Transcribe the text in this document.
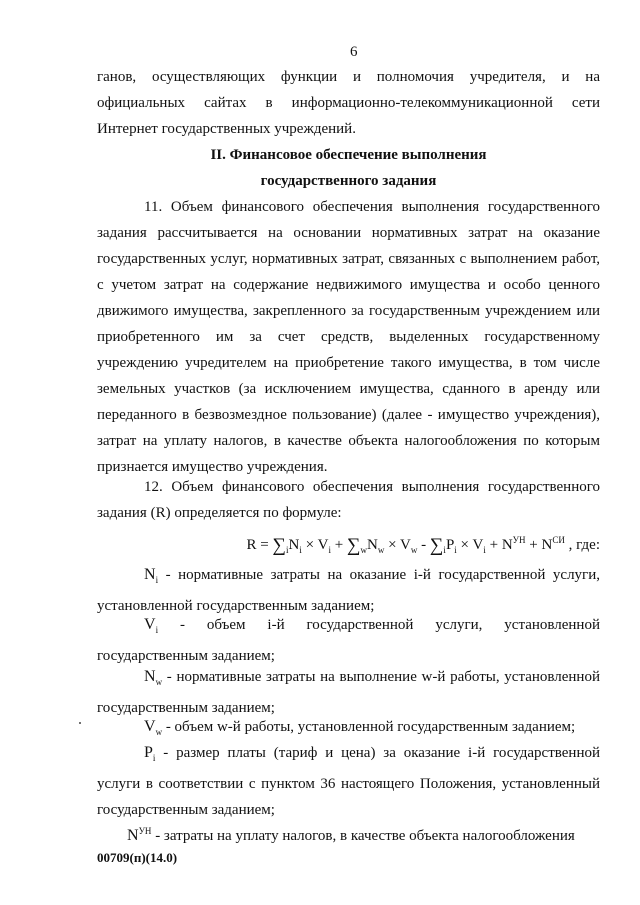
6
ганов, осуществляющих функции и полномочия учредителя, и на официальных сайтах в информационно-телекоммуникационной сети Интернет государственных учреждений.
II. Финансовое обеспечение выполнения
государственного задания
11. Объем финансового обеспечения выполнения государственного задания рассчитывается на основании нормативных затрат на оказание государственных услуг, нормативных затрат, связанных с выполнением работ, с учетом затрат на содержание недвижимого имущества и особо ценного движимого имущества, закрепленного за государственным учреждением или приобретенного им за счет средств, выделенных государственному учреждению учредителем на приобретение такого имущества, в том числе земельных участков (за исключением имущества, сданного в аренду или переданного в безвозмездное пользование) (далее - имущество учреждения), затрат на уплату налогов, в качестве объекта налогообложения по которым признается имущество учреждения.
12. Объем финансового обеспечения выполнения государственного задания (R) определяется по формуле:
$R = \sum_iN_i \times V_i + \sum_wN_w \times V_w - \sum_iP_i \times V_i + N^{УН} + N^{СИ}$ , где:
$N_i$ - нормативные затраты на оказание i-й государственной услуги, установленной государственным заданием;
$V_i$ - объем i-й государственной услуги, установленной государственным заданием;
$N_w$ - нормативные затраты на выполнение w-й работы, установленной государственным заданием;
$V_w$ - объем w-й работы, установленной государственным заданием;
$P_i$ - размер платы (тариф и цена) за оказание i-й государственной услуги в соответствии с пунктом 36 настоящего Положения, установленный государственным заданием;
$N^{УН}$ - затраты на уплату налогов, в качестве объекта налогообложения
00709(п)(14.0)
